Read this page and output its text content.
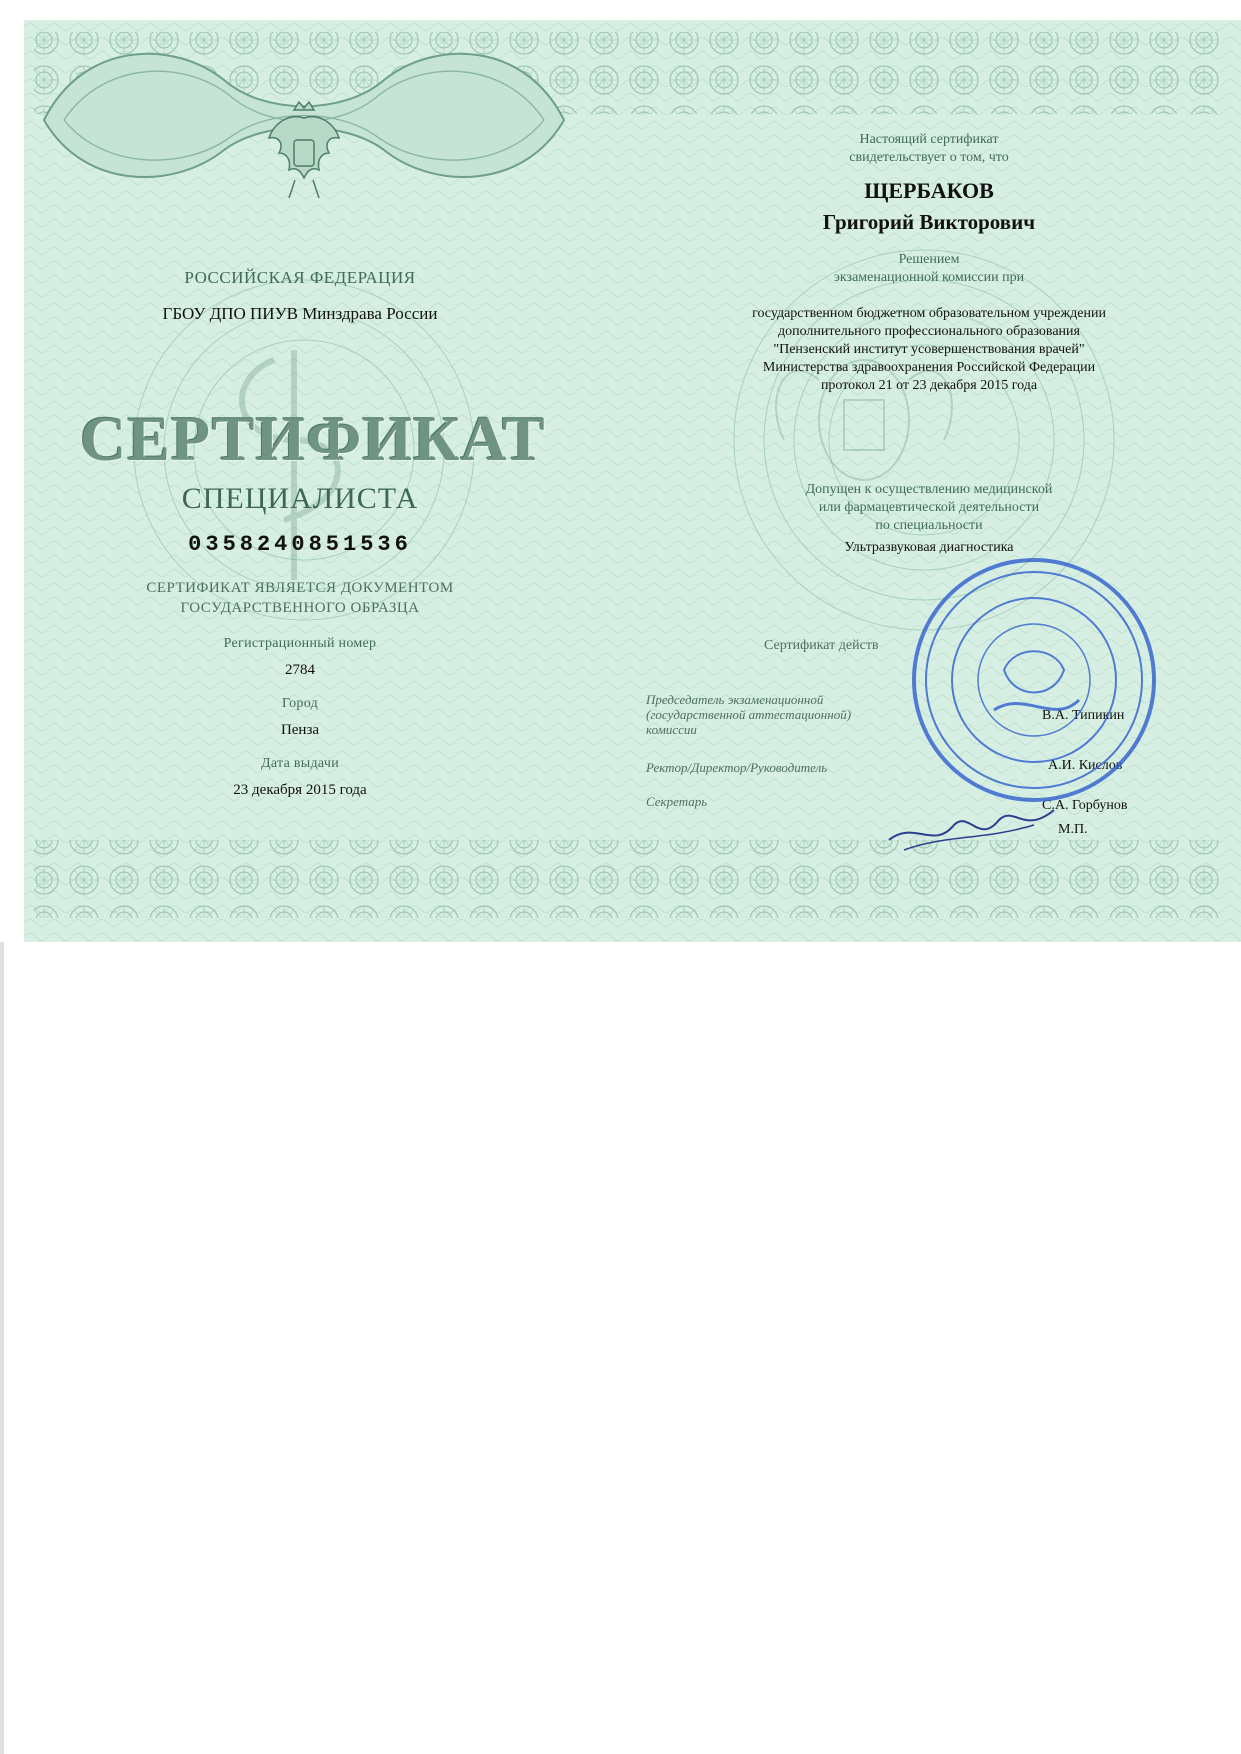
РОССИЙСКАЯ ФЕДЕРАЦИЯ
ГБОУ ДПО ПИУВ Минздрава России
СЕРТИФИКАТ
СПЕЦИАЛИСТА
0358240851536
СЕРТИФИКАТ ЯВЛЯЕТСЯ ДОКУМЕНТОМ
ГОСУДАРСТВЕННОГО ОБРАЗЦА
Регистрационный номер
2784
Город
Пенза
Дата выдачи
23 декабря 2015 года
Настоящий сертификат
свидетельствует о том, что
ЩЕРБАКОВ
Григорий Викторович
Решением
экзаменационной комиссии при
государственном бюджетном образовательном учреждении
дополнительного профессионального образования
"Пензенский институт усовершенствования врачей"
Министерства здравоохранения Российской Федерации
протокол 21 от 23 декабря 2015 года
Допущен к осуществлению медицинской
или фармацевтической деятельности
по специальности
Ультразвуковая диагностика
Сертификат действ
Председатель экзаменационной
(государственной аттестационной)
комиссии
В.А. Типикин
Ректор/Директор/Руководитель	А.И. Кислов
Секретарь	С.А. Горбунов
М.П.
